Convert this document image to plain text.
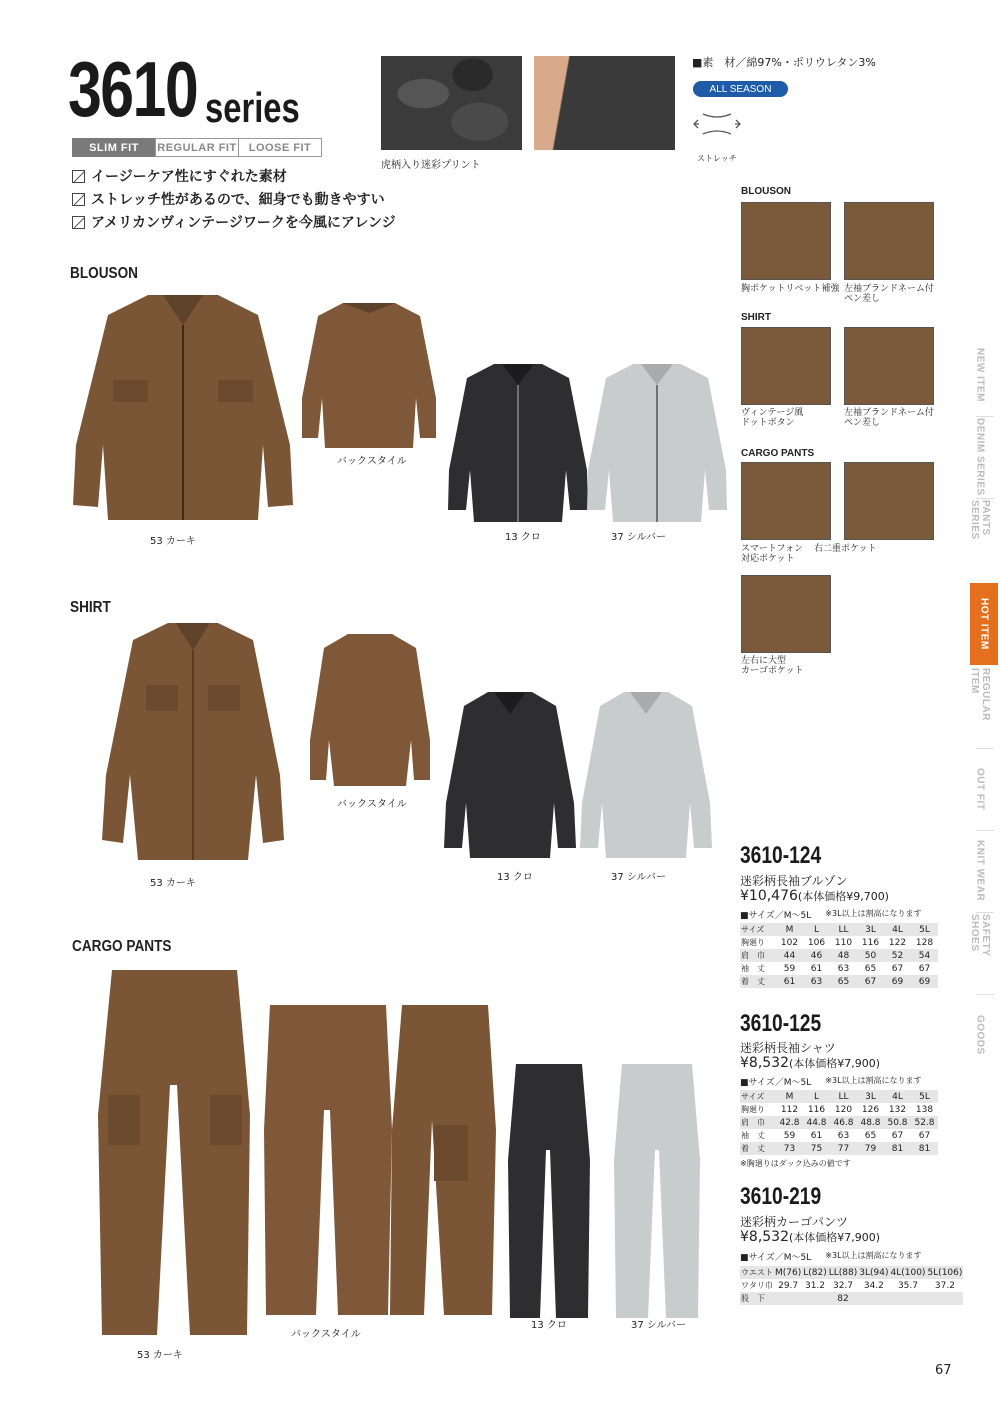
3610 series
SLIM FIT	REGULAR FIT	LOOSE FIT
イージーケア性にすぐれた素材
ストレッチ性があるので、細身でも動きやすい
アメリカンヴィンテージワークを今風にアレンジ
虎柄入り迷彩プリント
■素　材／綿97%・ポリウレタン3%
ALL SEASON
ストレッチ
BLOUSON
53 カーキ
バックスタイル
13 クロ	37 シルバー
SHIRT
53 カーキ
バックスタイル
13 クロ	37 シルバー
CARGO PANTS
53 カーキ
バックスタイル
13 クロ	37 シルバー
BLOUSON
胸ポケットリベット補強 左袖ブランドネーム付
ペン差し
SHIRT
ヴィンテージ風
ドットボタン
左袖ブランドネーム付
ペン差し
CARGO PANTS
スマートフォン
対応ポケット
右二重ポケット
左右に大型
カーゴポケット
NEW ITEM
DENIM SERIES
PANTS SERIES
HOT ITEM
REGULAR ITEM
OUT FIT
KNIT WEAR
SAFETY SHOES
GOODS
3610-124
迷彩柄長袖ブルゾン
¥10,476(本体価格¥9,700)
■サイズ／M～5L ※3L以上は割高になります
サイズ	M	L	LL	3L	4L	5L
胸廻り	102	106	110	116	122	128
肩　巾	44	46	48	50	52	54
袖　丈	59	61	63	65	67	67
着　丈	61	63	65	67	69	69
3610-125
迷彩柄長袖シャツ
¥8,532(本体価格¥7,900)
■サイズ／M～5L ※3L以上は割高になります
サイズ	M	L	LL	3L	4L	5L
胸廻り	112	116	120	126	132	138
肩　巾	42.8	44.8	46.8	48.8	50.8	52.8
袖　丈	59	61	63	65	67	67
着　丈	73	75	77	79	81	81
※胸廻りはダック込みの値です
3610-219
迷彩柄カーゴパンツ
¥8,532(本体価格¥7,900)
■サイズ／M～5L ※3L以上は割高になります
ウエスト	M(76)	L(82)	LL(88)	3L(94)	4L(100)	5L(106)
ワタリ巾	29.7	31.2	32.7	34.2	35.7	37.2
股　下			82			
67
